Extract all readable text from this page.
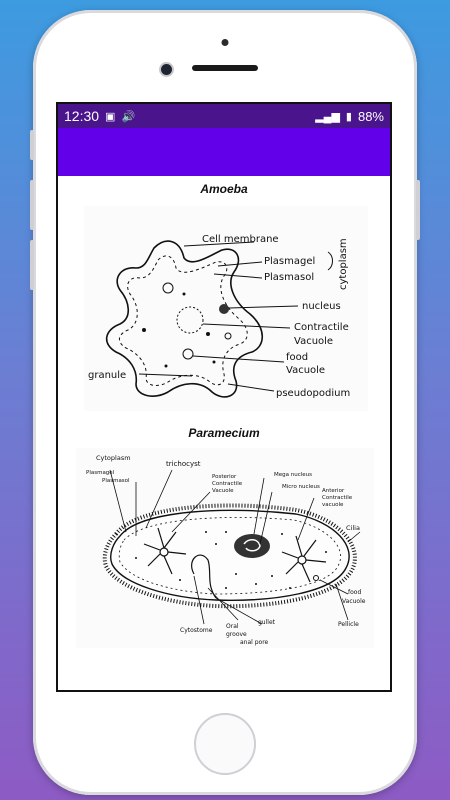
12:30 ▣ 🔊	▂▄▆ ▮ 88%
Amoeba
Cell membrane
Plasmagel
Plasmasol cytoplasm
nucleus
Contractile
Vacuole
food
Vacuole
granule
pseudopodium
Paramecium
Cytoplasm
Plasmagel
Plasmasol
trichocyst
Posterior
Contractile
Vacuole
Mega nucleus
Micro nucleus
Anterior
Contractile
vacuole
Cilia
food
Vacuole
Pellicle
Cytostome
Oral
groove
gullet
anal pore
